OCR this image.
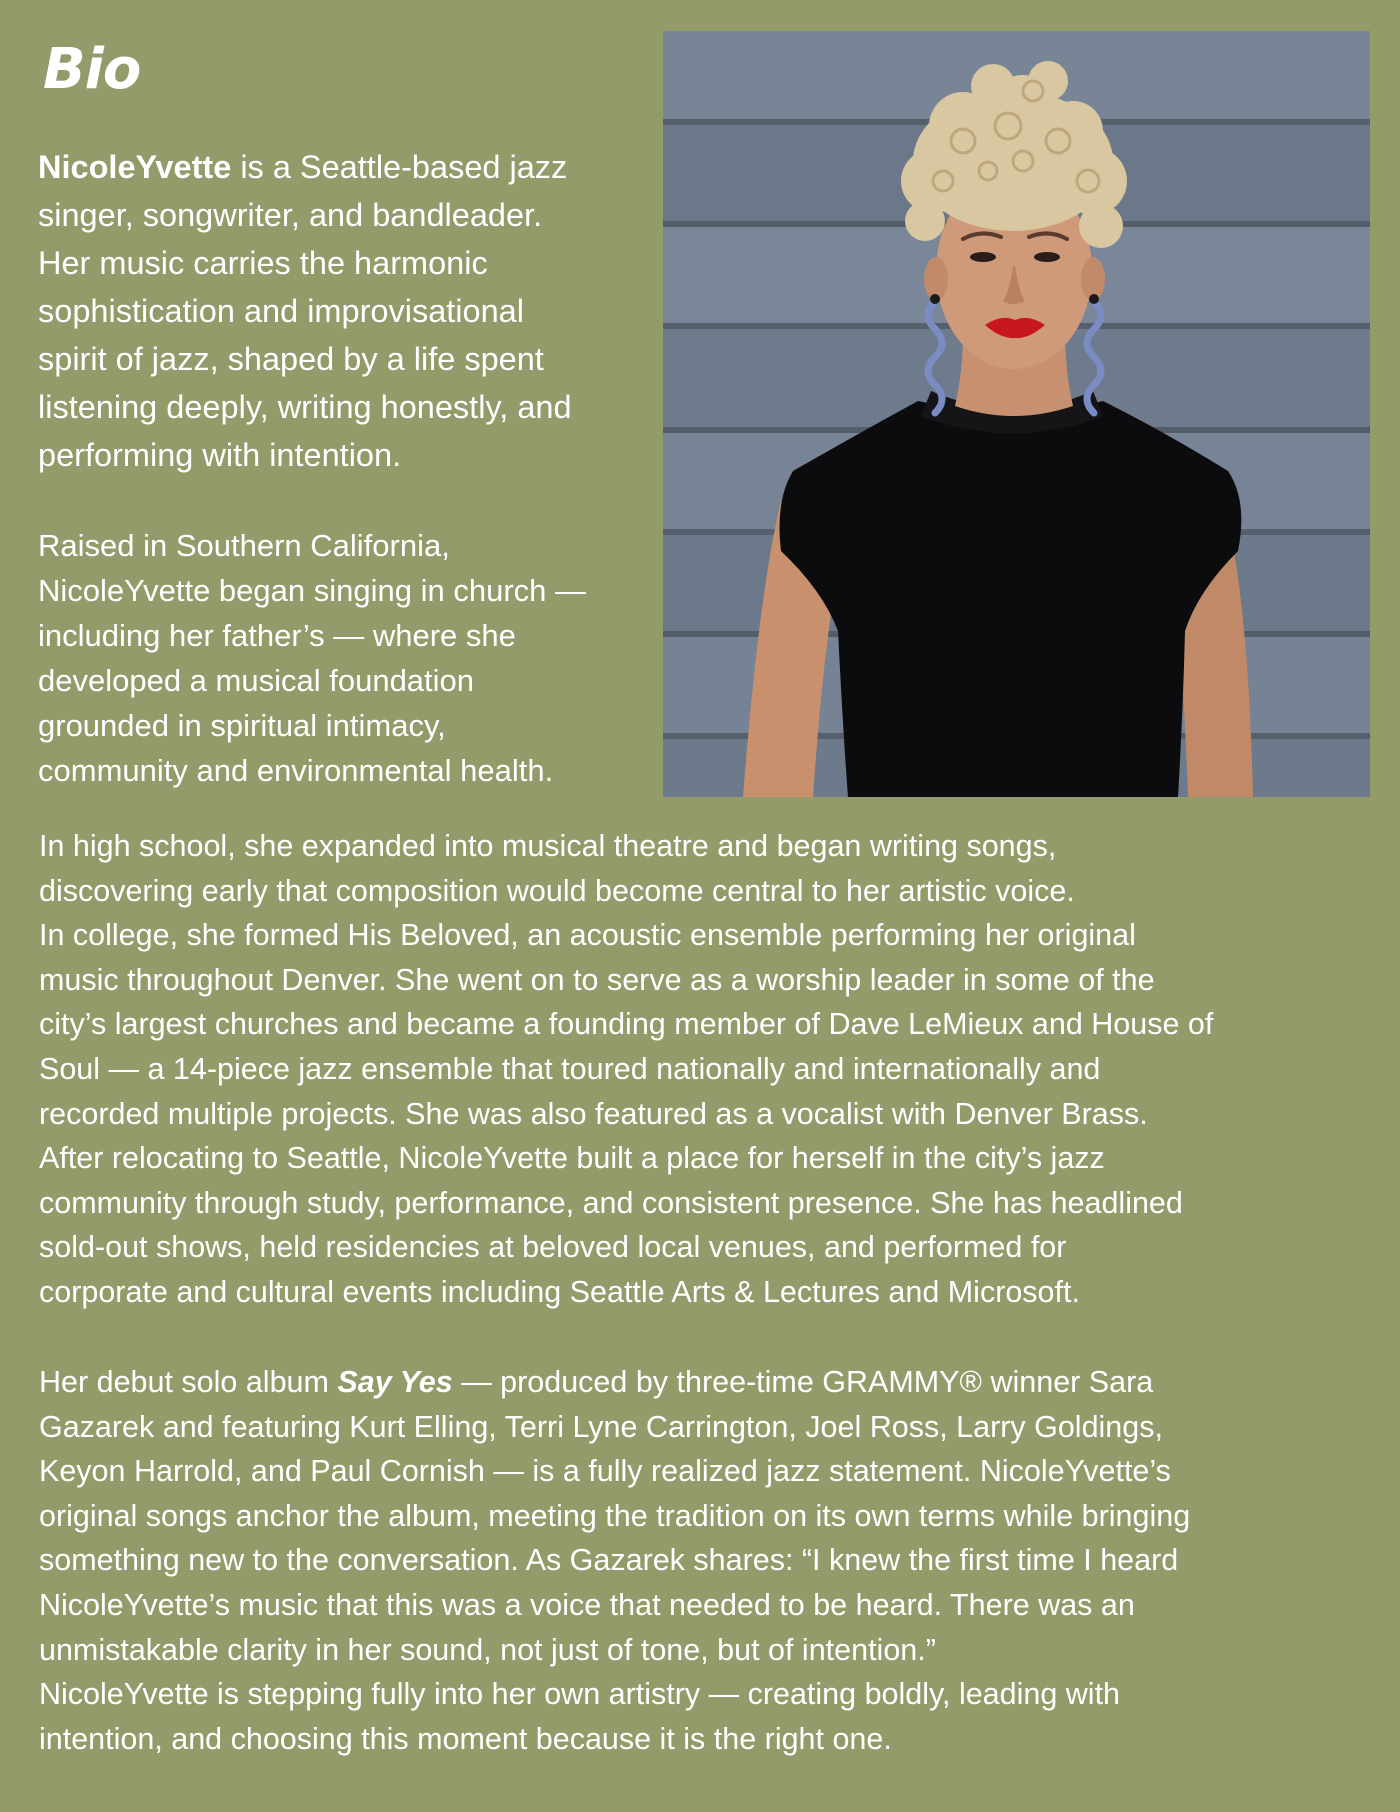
Bio

NicoleYvette is a Seattle-based jazz
singer, songwriter, and bandleader.
Her music carries the harmonic
sophistication and improvisational
spirit of jazz, shaped by a life spent
listening deeply, writing honestly, and
performing with intention.

Raised in Southern California,
NicoleYvette began singing in church —
including her father’s — where she
developed a musical foundation
grounded in spiritual intimacy,
community and environmental health.

In high school, she expanded into musical theatre and began writing songs,
discovering early that composition would become central to her artistic voice.
In college, she formed His Beloved, an acoustic ensemble performing her original
music throughout Denver. She went on to serve as a worship leader in some of the
city’s largest churches and became a founding member of Dave LeMieux and House of
Soul — a 14-piece jazz ensemble that toured nationally and internationally and
recorded multiple projects. She was also featured as a vocalist with Denver Brass.
After relocating to Seattle, NicoleYvette built a place for herself in the city’s jazz
community through study, performance, and consistent presence. She has headlined
sold-out shows, held residencies at beloved local venues, and performed for
corporate and cultural events including Seattle Arts & Lectures and Microsoft.

Her debut solo album Say Yes — produced by three-time GRAMMY® winner Sara
Gazarek and featuring Kurt Elling, Terri Lyne Carrington, Joel Ross, Larry Goldings,
Keyon Harrold, and Paul Cornish — is a fully realized jazz statement. NicoleYvette’s
original songs anchor the album, meeting the tradition on its own terms while bringing
something new to the conversation. As Gazarek shares: “I knew the first time I heard
NicoleYvette’s music that this was a voice that needed to be heard. There was an
unmistakable clarity in her sound, not just of tone, but of intention.”
NicoleYvette is stepping fully into her own artistry — creating boldly, leading with
intention, and choosing this moment because it is the right one.
